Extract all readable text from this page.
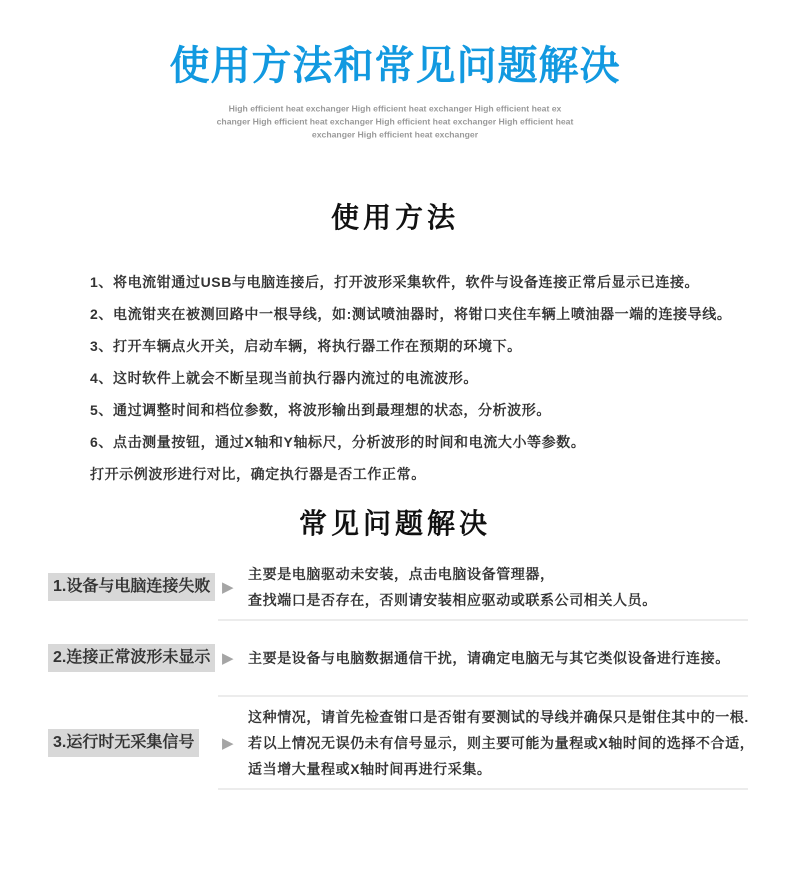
使用方法和常见问题解决
High efficient heat exchanger High efficient heat exchanger High efficient heat ex
changer High efficient heat exchanger High efficient heat exchanger High efficient heat
exchanger High efficient heat exchanger
使用方法
1、将电流钳通过USB与电脑连接后，打开波形采集软件，软件与设备连接正常后显示已连接。
2、电流钳夹在被测回路中一根导线，如:测试喷油器时，将钳口夹住车辆上喷油器一端的连接导线。
3、打开车辆点火开关，启动车辆，将执行器工作在预期的环境下。
4、这时软件上就会不断呈现当前执行器内流过的电流波形。
5、通过调整时间和档位参数，将波形输出到最理想的状态，分析波形。
6、点击测量按钮，通过X轴和Y轴标尺，分析波形的时间和电流大小等参数。
打开示例波形进行对比，确定执行器是否工作正常。
常见问题解决
1.设备与电脑连接失败 ▶
主要是电脑驱动未安装，点击电脑设备管理器，
查找端口是否存在，否则请安装相应驱动或联系公司相关人员。
2.连接正常波形未显示 ▶	主要是设备与电脑数据通信干扰，请确定电脑无与其它类似设备进行连接。
3.运行时无采集信号	▶
这种情况，请首先检查钳口是否钳有要测试的导线并确保只是钳住其中的一根.
若以上情况无误仍未有信号显示，则主要可能为量程或X轴时间的选择不合适，
适当增大量程或X轴时间再进行采集。
